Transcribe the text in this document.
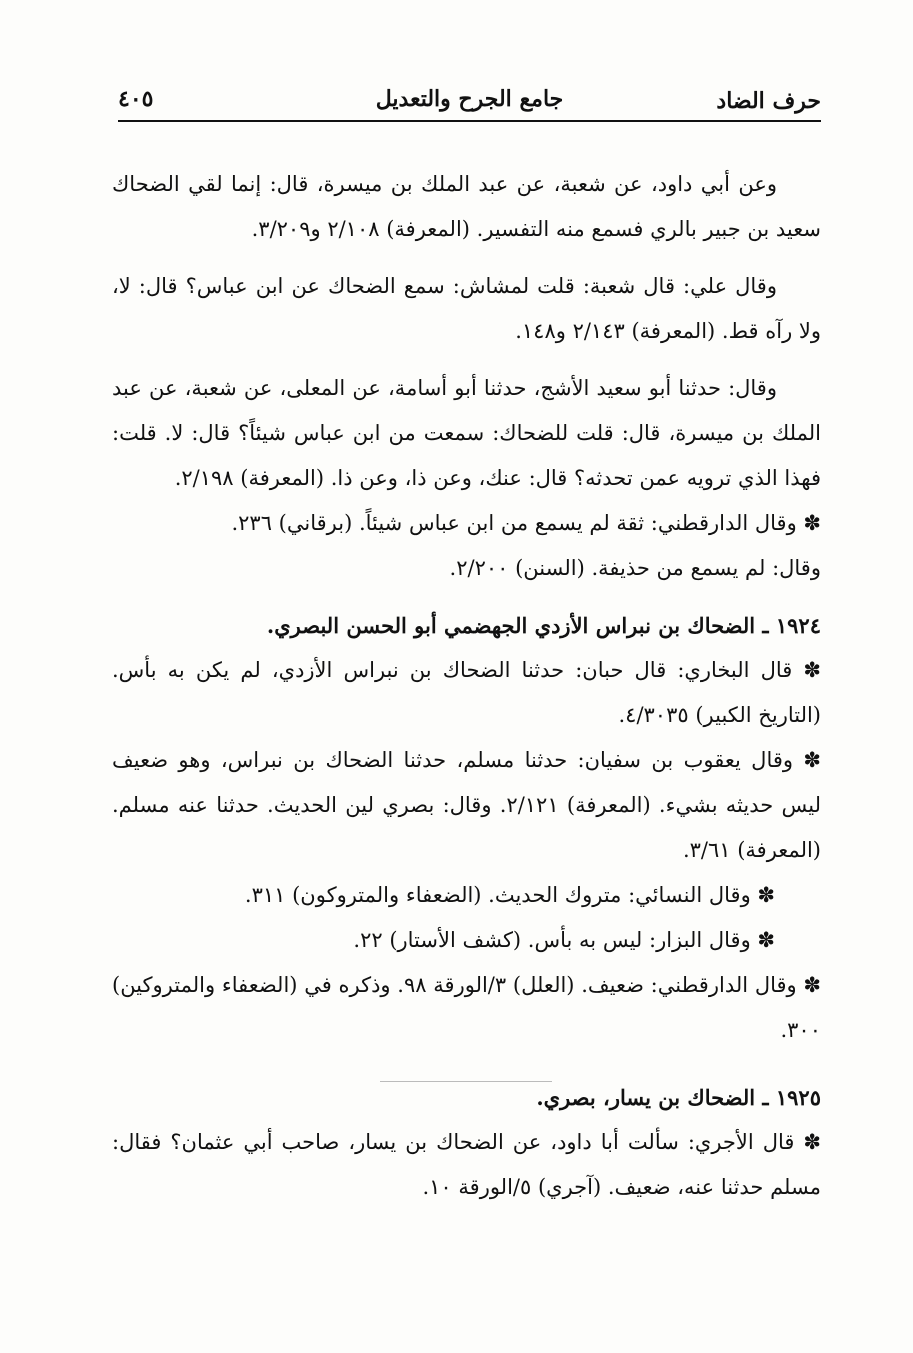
حرف الضاد
جامع الجرح والتعديل
٤٠٥

وعن أبي داود، عن شعبة، عن عبد الملك بن ميسرة، قال: إنما لقي الضحاك سعيد بن جبير بالري فسمع منه التفسير. (المعرفة) ٢/١٠٨ و٣/٢٠٩.

وقال علي: قال شعبة: قلت لمشاش: سمع الضحاك عن ابن عباس؟ قال: لا، ولا رآه قط. (المعرفة) ٢/١٤٣ و١٤٨.

وقال: حدثنا أبو سعيد الأشج، حدثنا أبو أسامة، عن المعلى، عن شعبة، عن عبد الملك بن ميسرة، قال: قلت للضحاك: سمعت من ابن عباس شيئاً؟ قال: لا. قلت: فهذا الذي ترويه عمن تحدثه؟ قال: عنك، وعن ذا، وعن ذا. (المعرفة) ٢/١٩٨.

✽ وقال الدارقطني: ثقة لم يسمع من ابن عباس شيئاً. (برقاني) ٢٣٦.

وقال: لم يسمع من حذيفة. (السنن) ٢/٢٠٠.

١٩٢٤ ـ الضحاك بن نبراس الأزدي الجهضمي أبو الحسن البصري.

✽ قال البخاري: قال حبان: حدثنا الضحاك بن نبراس الأزدي، لم يكن به بأس. (التاريخ الكبير) ٤/٣٠٣٥.

✽ وقال يعقوب بن سفيان: حدثنا مسلم، حدثنا الضحاك بن نبراس، وهو ضعيف ليس حديثه بشيء. (المعرفة) ٢/١٢١. وقال: بصري لين الحديث. حدثنا عنه مسلم. (المعرفة) ٣/٦١.

✽ وقال النسائي: متروك الحديث. (الضعفاء والمتروكون) ٣١١.

✽ وقال البزار: ليس به بأس. (كشف الأستار) ٢٢.

✽ وقال الدارقطني: ضعيف. (العلل) ٣/الورقة ٩٨. وذكره في (الضعفاء والمتروكين) ٣٠٠.

١٩٢٥ ـ الضحاك بن يسار، بصري.

✽ قال الأجري: سألت أبا داود، عن الضحاك بن يسار، صاحب أبي عثمان؟ فقال: مسلم حدثنا عنه، ضعيف. (آجري) ٥/الورقة ١٠.
